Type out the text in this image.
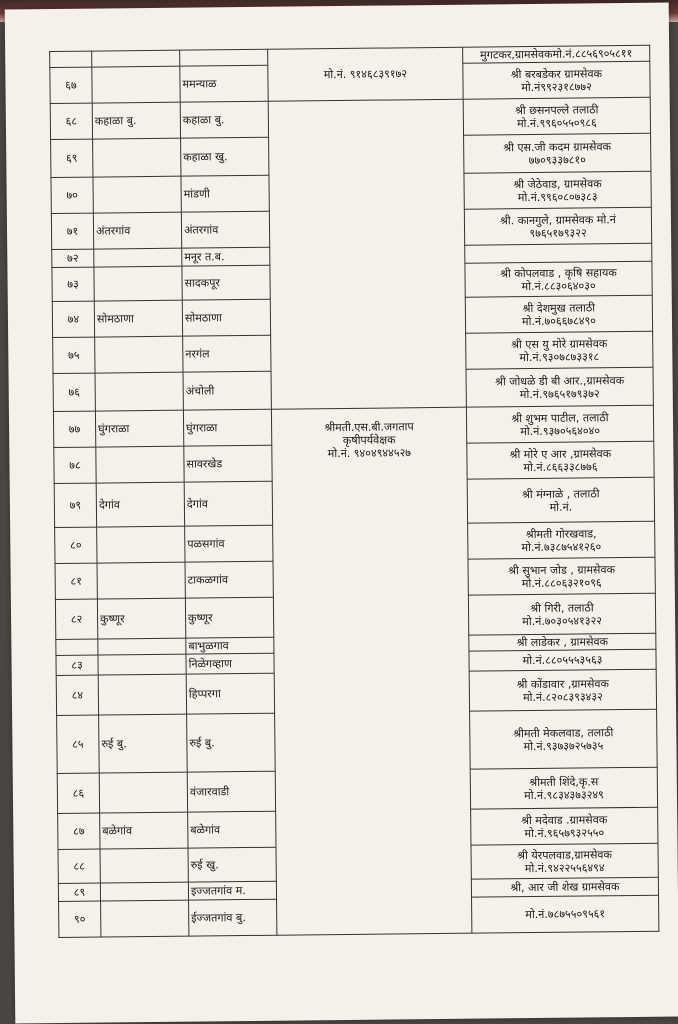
			मो.नं. ९१४६८३९१७२	मुगटकर,ग्रामसेवकमो.नं.८८५६९०५८११

६७		ममन्याळ		श्री बरबडेकर ग्रामसेवक
मो.नं९९२३१८७७२

६८	कहाळा बु.	कहाळा बु.		श्री छसनपल्ले तलाठी
मो.नं.९९६०५५०९८६

६९		कहाळा खु.		श्री एस.जी कदम ग्रामसेवक
७७०९३३७८१०

७०		मांडणी		श्री जेठेवाड, ग्रामसेवक
मो.नं.९९६०८०७३८३

७१	अंतरगांव	अंतरगांव		श्री. कानगुले, ग्रामसेवक मो.नं
९७६५१७९३२२

७२		मनूर त.ब.		

७३		सादकपूर		श्री कोपलवाड , कृषि सहायक
मो.नं.८८३०६४०३०

७४	सोमठाणा	सोमठाणा		श्री देशमुख तलाठी
मो.नं.७०६६७८४९०

७५		नरगंल		श्री एस यु मोरे ग्रामसेवक
मो.नं.९३०७८७३३१८

७६		अंचोली		श्री जोधळे डी बी आर.,ग्रामसेवक
मो.नं.९७६५१७९३७२

७७	घुंगराळा	घुंगराळा	श्रीमती.एस.बी.जगताप
कृषीपर्यवेक्षक
मो.नं. ९४०४९४४५२७	श्री शुभम पाटील, तलाठी
मो.नं.९३७०५६४०४०

७८		सावरखेड		श्री मोरे ए आर ,ग्रामसेवक
मो.नं.८६६३३८७७६

७९	देगांव	देगांव		श्री मंग्नाळे , तलाठी
मो.नं.

८०		पळसगांव		श्रीमती गोरखवाड,
मो.नं.७३८७५४१२६०

८१		टाकळगांव		श्री सुभान जोड , ग्रामसेवक
मो.नं.८८०६३२१०९६

८२	कुष्णूर	कुष्णूर		श्री गिरी, तलाठी
मो.नं.७०३०५४१३२२

		बाभुळगाव		श्री लाडेकर , ग्रामसेवक

८३		निळेगव्हाण		मो.नं.८८०५५५३५६३

८४		हिप्परगा		श्री कोंडावार ,ग्रामसेवक
मो.नं.८२०८३९३४३२

८५	रुई बु.	रुई बु.		श्रीमती मेकलवाड, तलाठी
मो.नं.९३७३७२५७३५

८६		वंजारवाडी		श्रीमती शिंदे,कृ.स
मो.नं.९८३४३७३२४९

८७	बळेगांव	बळेगांव		श्री मदेवाड .ग्रामसेवक
मो.नं.९६५७९३२५५०

८८		रुई खु.		श्री येरपलवाड,ग्रामसेवक
मो.नं.९४२२५५६४९४

८९		इज्जतगांव म.		श्री, आर जी शेख ग्रामसेवक

९०		ईज्जतगांव बु.		मो.नं.७८७५५०९५६१
